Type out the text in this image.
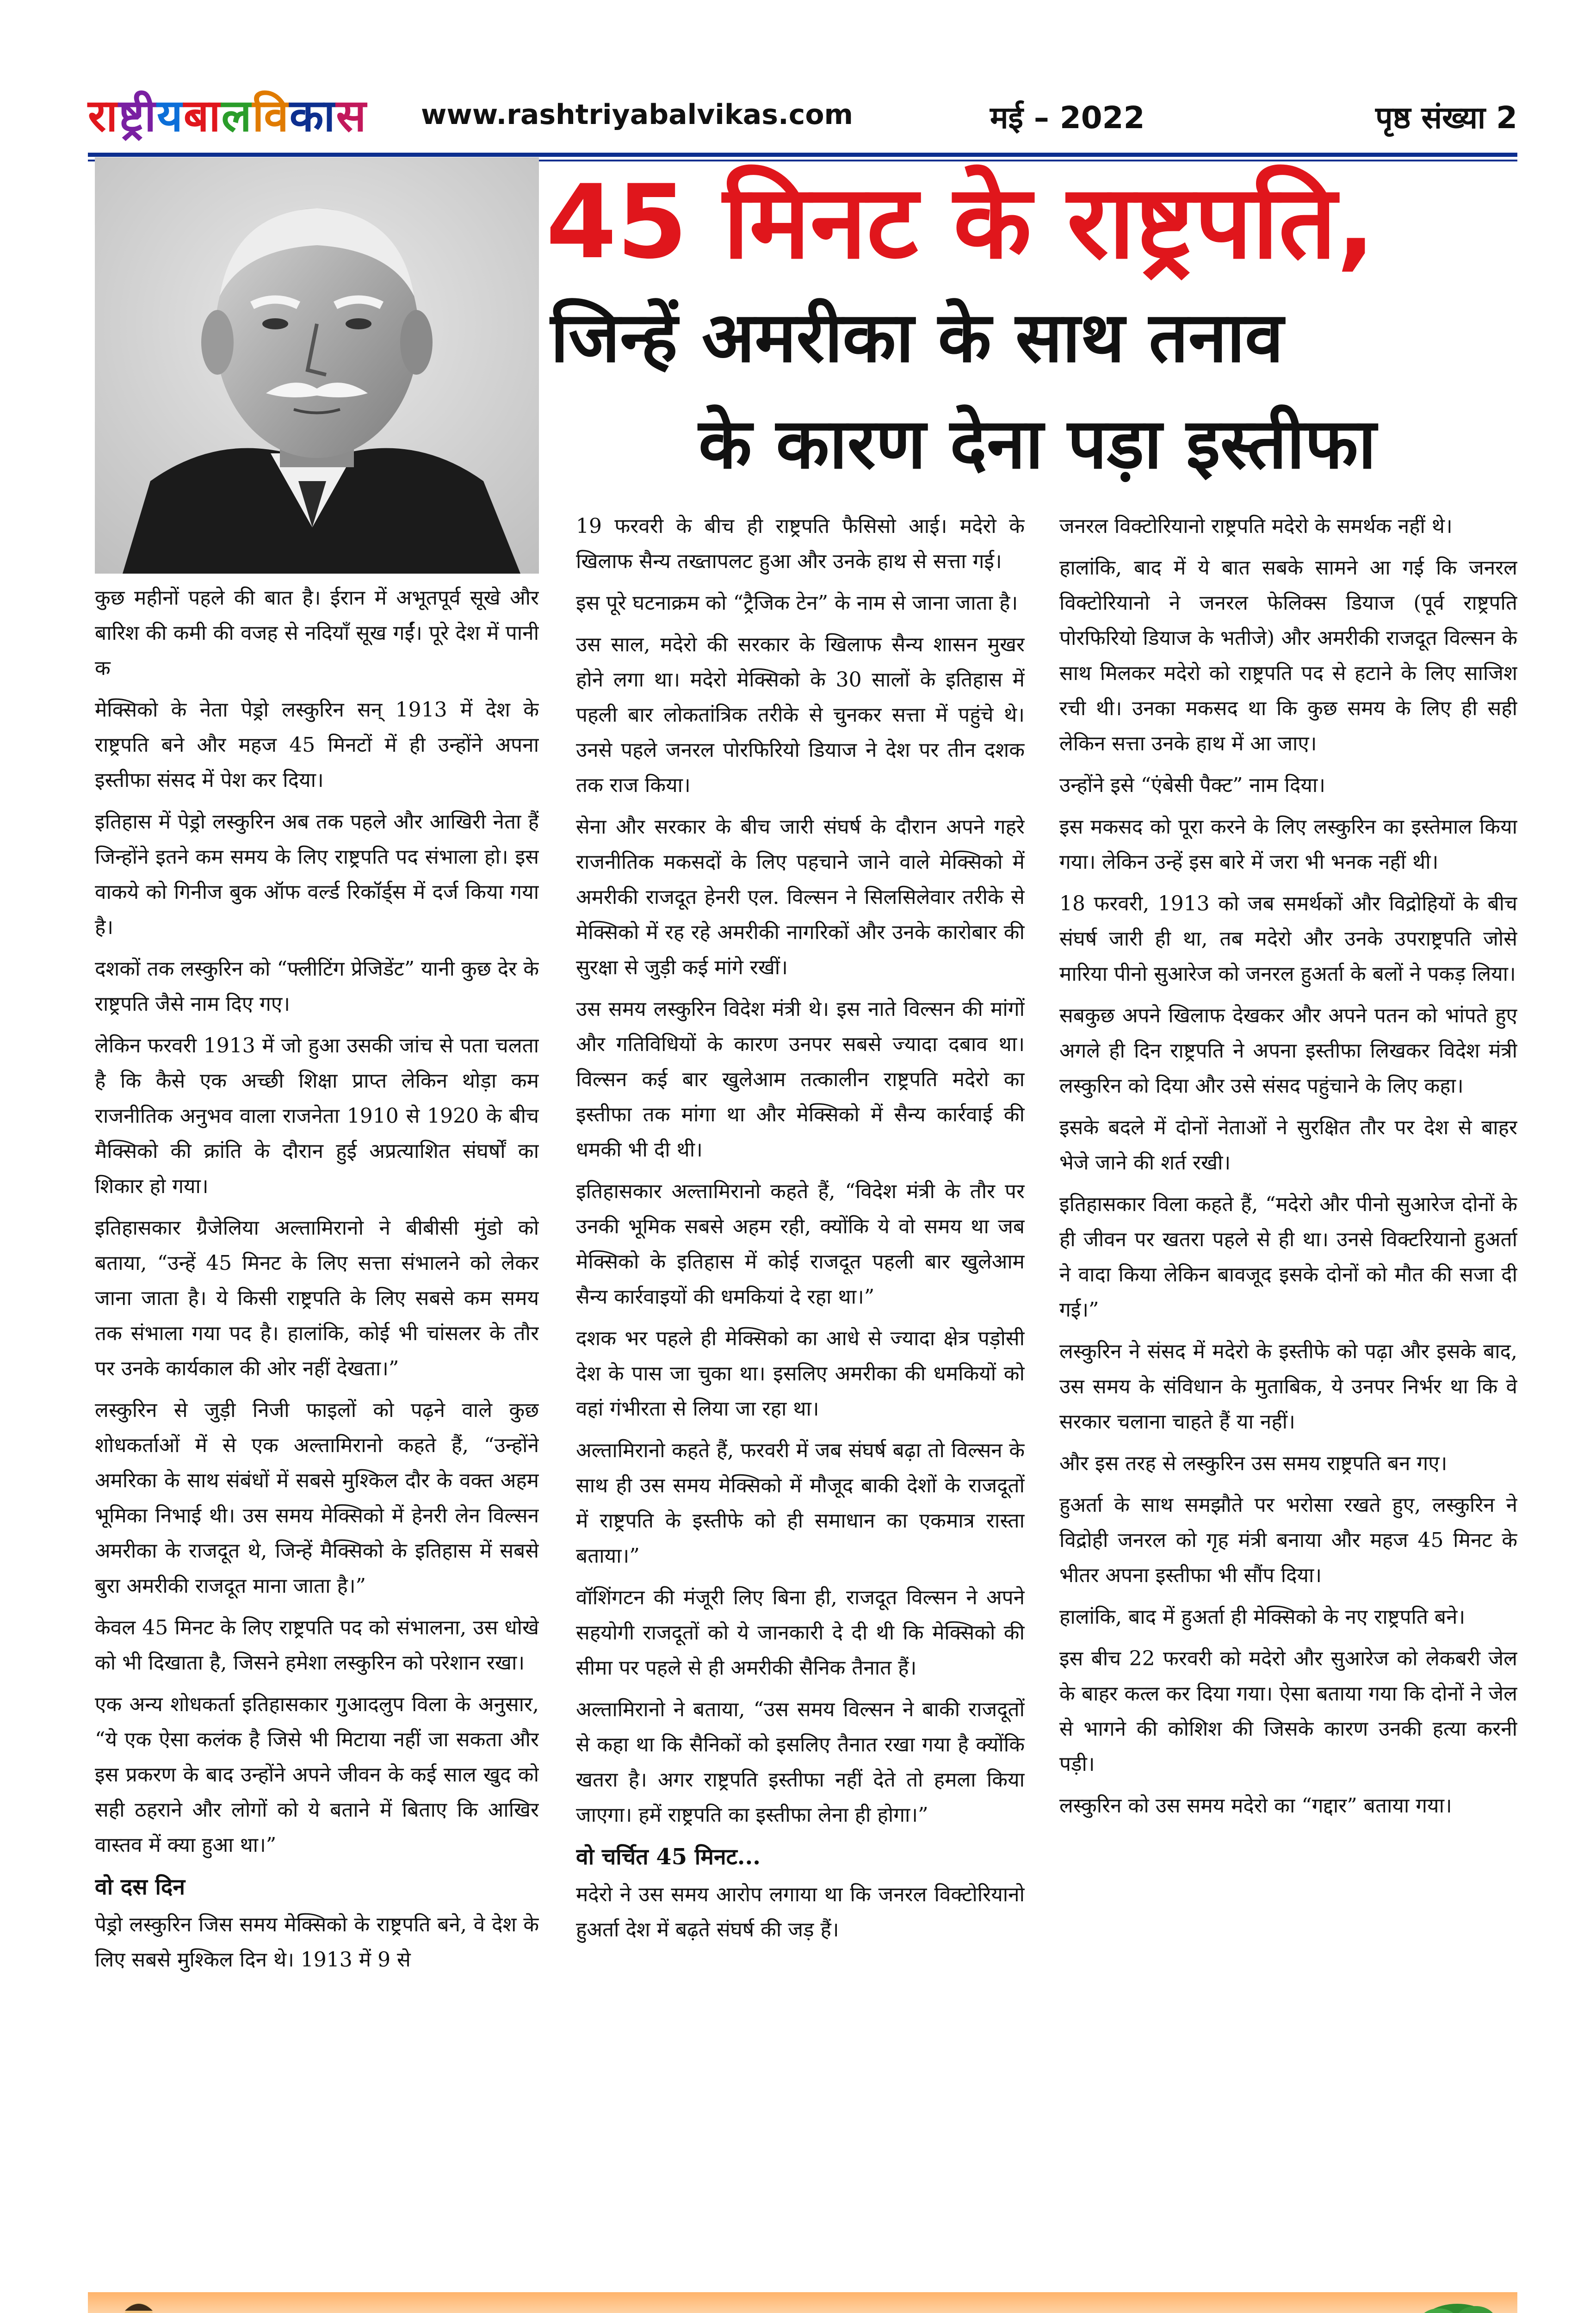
राष्ट्रीयबालविकास www.rashtriyabalvikas.com	मई – 2022	पृष्ठ संख्या 2
45 मिनट के राष्ट्रपति,
जिन्हें अमरीका के साथ तनाव
के कारण देना पड़ा इस्तीफा

कुछ महीनों पहले की बात है। ईरान में अभूतपूर्व सूखे और बारिश की कमी की वजह से नदियाँ सूख गईं। पूरे देश में पानी क

मेक्सिको के नेता पेड्रो लस्कुरिन सन् 1913 में देश के राष्ट्रपति बने और महज 45 मिनटों में ही उन्होंने अपना इस्तीफा संसद में पेश कर दिया।

इतिहास में पेड्रो लस्कुरिन अब तक पहले और आखिरी नेता हैं जिन्होंने इतने कम समय के लिए राष्ट्रपति पद संभाला हो। इस वाकये को गिनीज बुक ऑफ वर्ल्ड रिकॉर्ड्स में दर्ज किया गया है।

दशकों तक लस्कुरिन को “फ्लीटिंग प्रेजिडेंट” यानी कुछ देर के राष्ट्रपति जैसे नाम दिए गए।

लेकिन फरवरी 1913 में जो हुआ उसकी जांच से पता चलता है कि कैसे एक अच्छी शिक्षा प्राप्त लेकिन थोड़ा कम राजनीतिक अनुभव वाला राजनेता 1910 से 1920 के बीच मैक्सिको की क्रांति के दौरान हुई अप्रत्याशित संघर्षों का शिकार हो गया।

इतिहासकार ग्रैजेलिया अल्तामिरानो ने बीबीसी मुंडो को बताया, “उन्हें 45 मिनट के लिए सत्ता संभालने को लेकर जाना जाता है। ये किसी राष्ट्रपति के लिए सबसे कम समय तक संभाला गया पद है। हालांकि, कोई भी चांसलर के तौर पर उनके कार्यकाल की ओर नहीं देखता।”

लस्कुरिन से जुड़ी निजी फाइलों को पढ़ने वाले कुछ शोधकर्ताओं में से एक अल्तामिरानो कहते हैं, “उन्होंने अमरिका के साथ संबंधों में सबसे मुश्किल दौर के वक्त अहम भूमिका निभाई थी। उस समय मेक्सिको में हेनरी लेन विल्सन अमरीका के राजदूत थे, जिन्हें मैक्सिको के इतिहास में सबसे बुरा अमरीकी राजदूत माना जाता है।”

केवल 45 मिनट के लिए राष्ट्रपति पद को संभालना, उस धोखे को भी दिखाता है, जिसने हमेशा लस्कुरिन को परेशान रखा।

एक अन्य शोधकर्ता इतिहासकार गुआदलुप विला के अनुसार, “ये एक ऐसा कलंक है जिसे भी मिटाया नहीं जा सकता और इस प्रकरण के बाद उन्होंने अपने जीवन के कई साल खुद को सही ठहराने और लोगों को ये बताने में बिताए कि आखिर वास्तव में क्या हुआ था।”

वो दस दिन

पेड्रो लस्कुरिन जिस समय मेक्सिको के राष्ट्रपति बने, वे देश के लिए सबसे मुश्किल दिन थे। 1913 में 9 से

19 फरवरी के बीच ही राष्ट्रपति फैसिसो आई। मदेरो के खिलाफ सैन्य तख्तापलट हुआ और उनके हाथ से सत्ता गई।

इस पूरे घटनाक्रम को “ट्रैजिक टेन” के नाम से जाना जाता है।

उस साल, मदेरो की सरकार के खिलाफ सैन्य शासन मुखर होने लगा था। मदेरो मेक्सिको के 30 सालों के इतिहास में पहली बार लोकतांत्रिक तरीके से चुनकर सत्ता में पहुंचे थे। उनसे पहले जनरल पोरफिरियो डियाज ने देश पर तीन दशक तक राज किया।

सेना और सरकार के बीच जारी संघर्ष के दौरान अपने गहरे राजनीतिक मकसदों के लिए पहचाने जाने वाले मेक्सिको में अमरीकी राजदूत हेनरी एल. विल्सन ने सिलसिलेवार तरीके से मेक्सिको में रह रहे अमरीकी नागरिकों और उनके कारोबार की सुरक्षा से जुड़ी कई मांगे रखीं।

उस समय लस्कुरिन विदेश मंत्री थे। इस नाते विल्सन की मांगों और गतिविधियों के कारण उनपर सबसे ज्यादा दबाव था। विल्सन कई बार खुलेआम तत्कालीन राष्ट्रपति मदेरो का इस्तीफा तक मांगा था और मेक्सिको में सैन्य कार्रवाई की धमकी भी दी थी।

इतिहासकार अल्तामिरानो कहते हैं, “विदेश मंत्री के तौर पर उनकी भूमिक सबसे अहम रही, क्योंकि ये वो समय था जब मेक्सिको के इतिहास में कोई राजदूत पहली बार खुलेआम सैन्य कार्रवाइयों की धमकियां दे रहा था।”

दशक भर पहले ही मेक्सिको का आधे से ज्यादा क्षेत्र पड़ोसी देश के पास जा चुका था। इसलिए अमरीका की धमकियों को वहां गंभीरता से लिया जा रहा था।

अल्तामिरानो कहते हैं, फरवरी में जब संघर्ष बढ़ा तो विल्सन के साथ ही उस समय मेक्सिको में मौजूद बाकी देशों के राजदूतों में राष्ट्रपति के इस्तीफे को ही समाधान का एकमात्र रास्ता बताया।”

वॉशिंगटन की मंजूरी लिए बिना ही, राजदूत विल्सन ने अपने सहयोगी राजदूतों को ये जानकारी दे दी थी कि मेक्सिको की सीमा पर पहले से ही अमरीकी सैनिक तैनात हैं।

अल्तामिरानो ने बताया, “उस समय विल्सन ने बाकी राजदूतों से कहा था कि सैनिकों को इसलिए तैनात रखा गया है क्योंकि खतरा है। अगर राष्ट्रपति इस्तीफा नहीं देते तो हमला किया जाएगा। हमें राष्ट्रपति का इस्तीफा लेना ही होगा।”

वो चर्चित 45 मिनट...

मदेरो ने उस समय आरोप लगाया था कि जनरल विक्टोरियानो हुअर्ता देश में बढ़ते संघर्ष की जड़ हैं।

जनरल विक्टोरियानो राष्ट्रपति मदेरो के समर्थक नहीं थे।

हालांकि, बाद में ये बात सबके सामने आ गई कि जनरल विक्टोरियानो ने जनरल फेलिक्स डियाज (पूर्व राष्ट्रपति पोरफिरियो डियाज के भतीजे) और अमरीकी राजदूत विल्सन के साथ मिलकर मदेरो को राष्ट्रपति पद से हटाने के लिए साजिश रची थी। उनका मकसद था कि कुछ समय के लिए ही सही लेकिन सत्ता उनके हाथ में आ जाए।

उन्होंने इसे “एंबेसी पैक्ट” नाम दिया।

इस मकसद को पूरा करने के लिए लस्कुरिन का इस्तेमाल किया गया। लेकिन उन्हें इस बारे में जरा भी भनक नहीं थी।

18 फरवरी, 1913 को जब समर्थकों और विद्रोहियों के बीच संघर्ष जारी ही था, तब मदेरो और उनके उपराष्ट्रपति जोसे मारिया पीनो सुआरेज को जनरल हुअर्ता के बलों ने पकड़ लिया।

सबकुछ अपने खिलाफ देखकर और अपने पतन को भांपते हुए अगले ही दिन राष्ट्रपति ने अपना इस्तीफा लिखकर विदेश मंत्री लस्कुरिन को दिया और उसे संसद पहुंचाने के लिए कहा।

इसके बदले में दोनों नेताओं ने सुरक्षित तौर पर देश से बाहर भेजे जाने की शर्त रखी।

इतिहासकार विला कहते हैं, “मदेरो और पीनो सुआरेज दोनों के ही जीवन पर खतरा पहले से ही था। उनसे विक्टरियानो हुअर्ता ने वादा किया लेकिन बावजूद इसके दोनों को मौत की सजा दी गई।”

लस्कुरिन ने संसद में मदेरो के इस्तीफे को पढ़ा और इसके बाद, उस समय के संविधान के मुताबिक, ये उनपर निर्भर था कि वे सरकार चलाना चाहते हैं या नहीं।

और इस तरह से लस्कुरिन उस समय राष्ट्रपति बन गए।

हुअर्ता के साथ समझौते पर भरोसा रखते हुए, लस्कुरिन ने विद्रोही जनरल को गृह मंत्री बनाया और महज 45 मिनट के भीतर अपना इस्तीफा भी सौंप दिया।

हालांकि, बाद में हुअर्ता ही मेक्सिको के नए राष्ट्रपति बने।

इस बीच 22 फरवरी को मदेरो और सुआरेज को लेकबरी जेल के बाहर कत्ल कर दिया गया। ऐसा बताया गया कि दोनों ने जेल से भागने की कोशिश की जिसके कारण उनकी हत्या करनी पड़ी।

लस्कुरिन को उस समय मदेरो का “गद्दार” बताया गया।
